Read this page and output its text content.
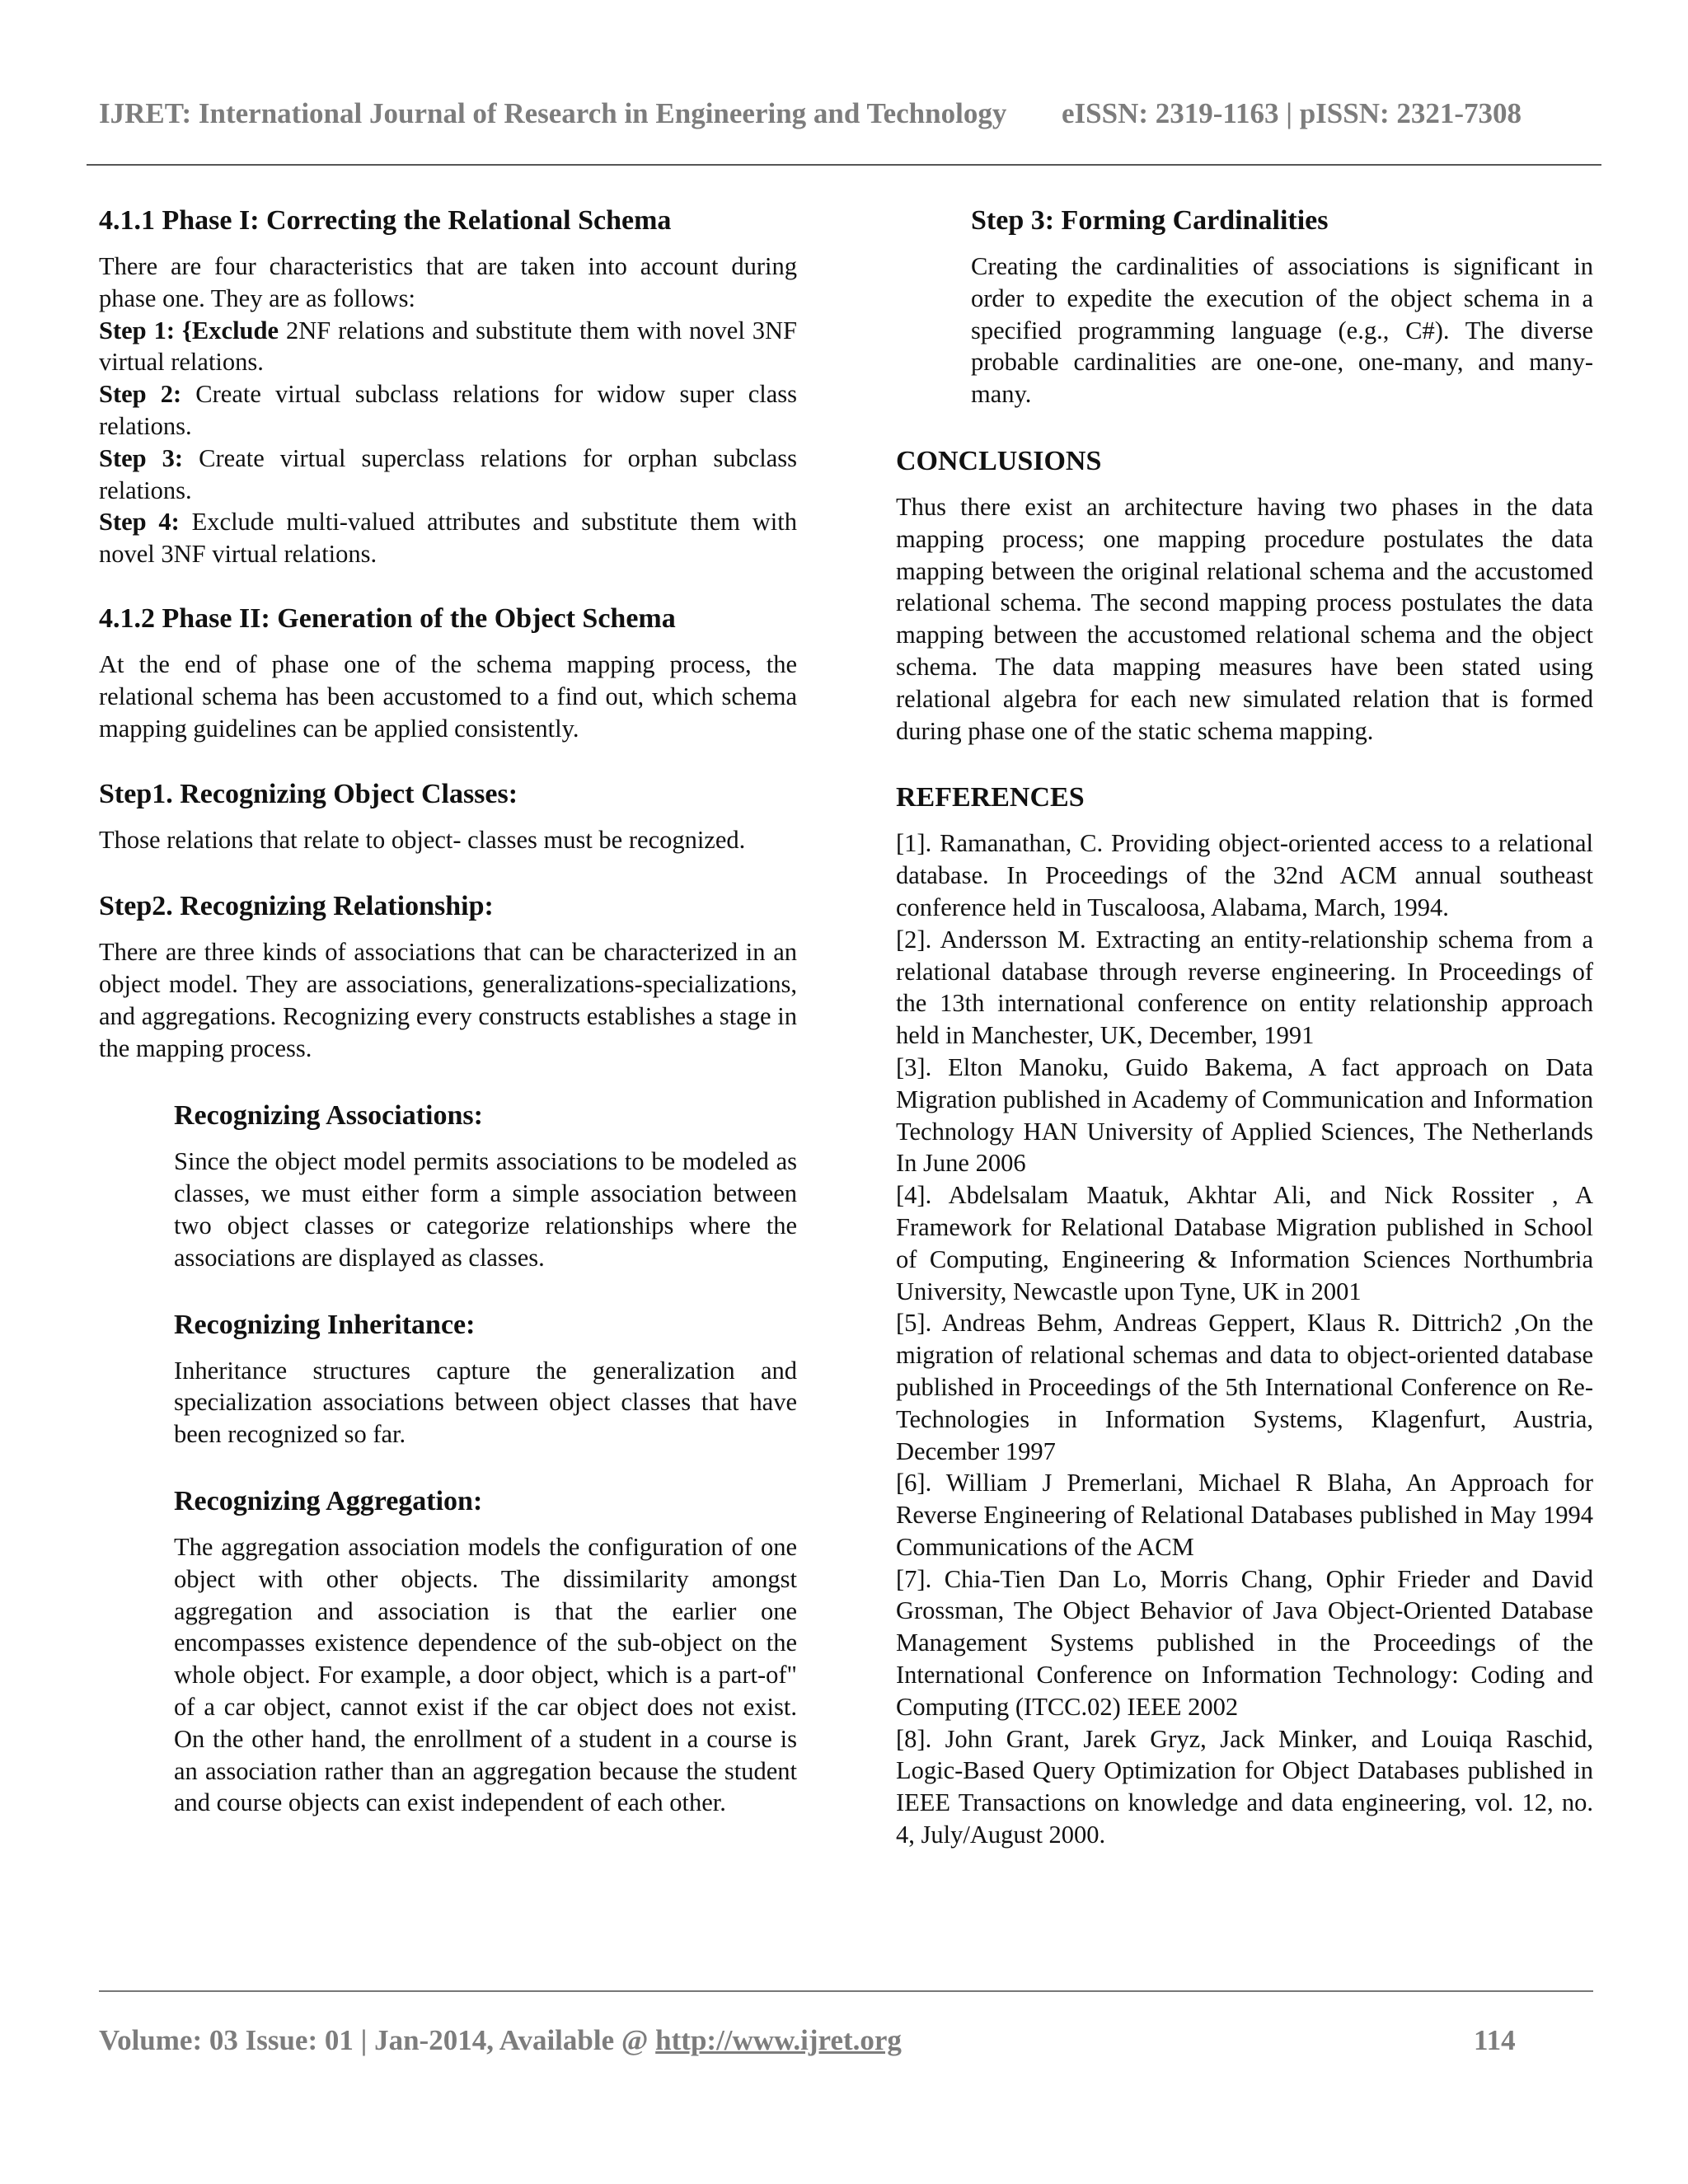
IJRET: International Journal of Research in Engineering and Technology eISSN: 2319-1163 | pISSN: 2321-7308
4.1.1 Phase I: Correcting the Relational Schema

There are four characteristics that are taken into account during phase one. They are as follows:

Step 1: {Exclude 2NF relations and substitute them with novel 3NF virtual relations.

Step 2: Create virtual subclass relations for widow super class relations.

Step 3: Create virtual superclass relations for orphan subclass relations.

Step 4: Exclude multi-valued attributes and substitute them with novel 3NF virtual relations.

4.1.2 Phase II: Generation of the Object Schema

At the end of phase one of the schema mapping process, the relational schema has been accustomed to a find out, which schema mapping guidelines can be applied consistently.

Step1. Recognizing Object Classes:

Those relations that relate to object- classes must be recognized.

Step2. Recognizing Relationship:

There are three kinds of associations that can be characterized in an object model. They are associations, generalizations-specializations, and aggregations. Recognizing every constructs establishes a stage in the mapping process.

Recognizing Associations:

Since the object model permits associations to be modeled as classes, we must either form a simple association between two object classes or categorize relationships where the associations are displayed as classes.

Recognizing Inheritance:

Inheritance structures capture the generalization and specialization associations between object classes that have been recognized so far.

Recognizing Aggregation:

The aggregation association models the configuration of one object with other objects. The dissimilarity amongst aggregation and association is that the earlier one encompasses existence dependence of the sub-object on the whole object. For example, a door object, which is a part-of" of a car object, cannot exist if the car object does not exist. On the other hand, the enrollment of a student in a course is an association rather than an aggregation because the student and course objects can exist independent of each other.

Step 3: Forming Cardinalities

Creating the cardinalities of associations is significant in order to expedite the execution of the object schema in a specified programming language (e.g., C#). The diverse probable cardinalities are one-one, one-many, and many-many.

CONCLUSIONS

Thus there exist an architecture having two phases in the data mapping process; one mapping procedure postulates the data mapping between the original relational schema and the accustomed relational schema. The second mapping process postulates the data mapping between the accustomed relational schema and the object schema. The data mapping measures have been stated using relational algebra for each new simulated relation that is formed during phase one of the static schema mapping.

REFERENCES

[1]. Ramanathan, C. Providing object-oriented access to a relational database. In Proceedings of the 32nd ACM annual southeast conference held in Tuscaloosa, Alabama, March, 1994.

[2]. Andersson M. Extracting an entity-relationship schema from a relational database through reverse engineering. In Proceedings of the 13th international conference on entity relationship approach held in Manchester, UK, December, 1991

[3]. Elton Manoku, Guido Bakema, A fact approach on Data Migration published in Academy of Communication and Information Technology HAN University of Applied Sciences, The Netherlands In June 2006

[4]. Abdelsalam Maatuk, Akhtar Ali, and Nick Rossiter , A Framework for Relational Database Migration published in School of Computing, Engineering & Information Sciences Northumbria University, Newcastle upon Tyne, UK in 2001

[5]. Andreas Behm, Andreas Geppert, Klaus R. Dittrich2 ,On the migration of relational schemas and data to object-oriented database published in Proceedings of the 5th International Conference on Re-Technologies in Information Systems, Klagenfurt, Austria, December 1997

[6]. William J Premerlani, Michael R Blaha, An Approach for Reverse Engineering of Relational Databases published in May 1994 Communications of the ACM

[7]. Chia-Tien Dan Lo, Morris Chang, Ophir Frieder and David Grossman, The Object Behavior of Java Object-Oriented Database Management Systems published in the Proceedings of the International Conference on Information Technology: Coding and Computing (ITCC.02) IEEE 2002

[8]. John Grant, Jarek Gryz, Jack Minker, and Louiqa Raschid, Logic-Based Query Optimization for Object Databases published in IEEE Transactions on knowledge and data engineering, vol. 12, no. 4, July/August 2000.

Volume: 03 Issue: 01 | Jan-2014, Available @ http://www.ijret.org	114
